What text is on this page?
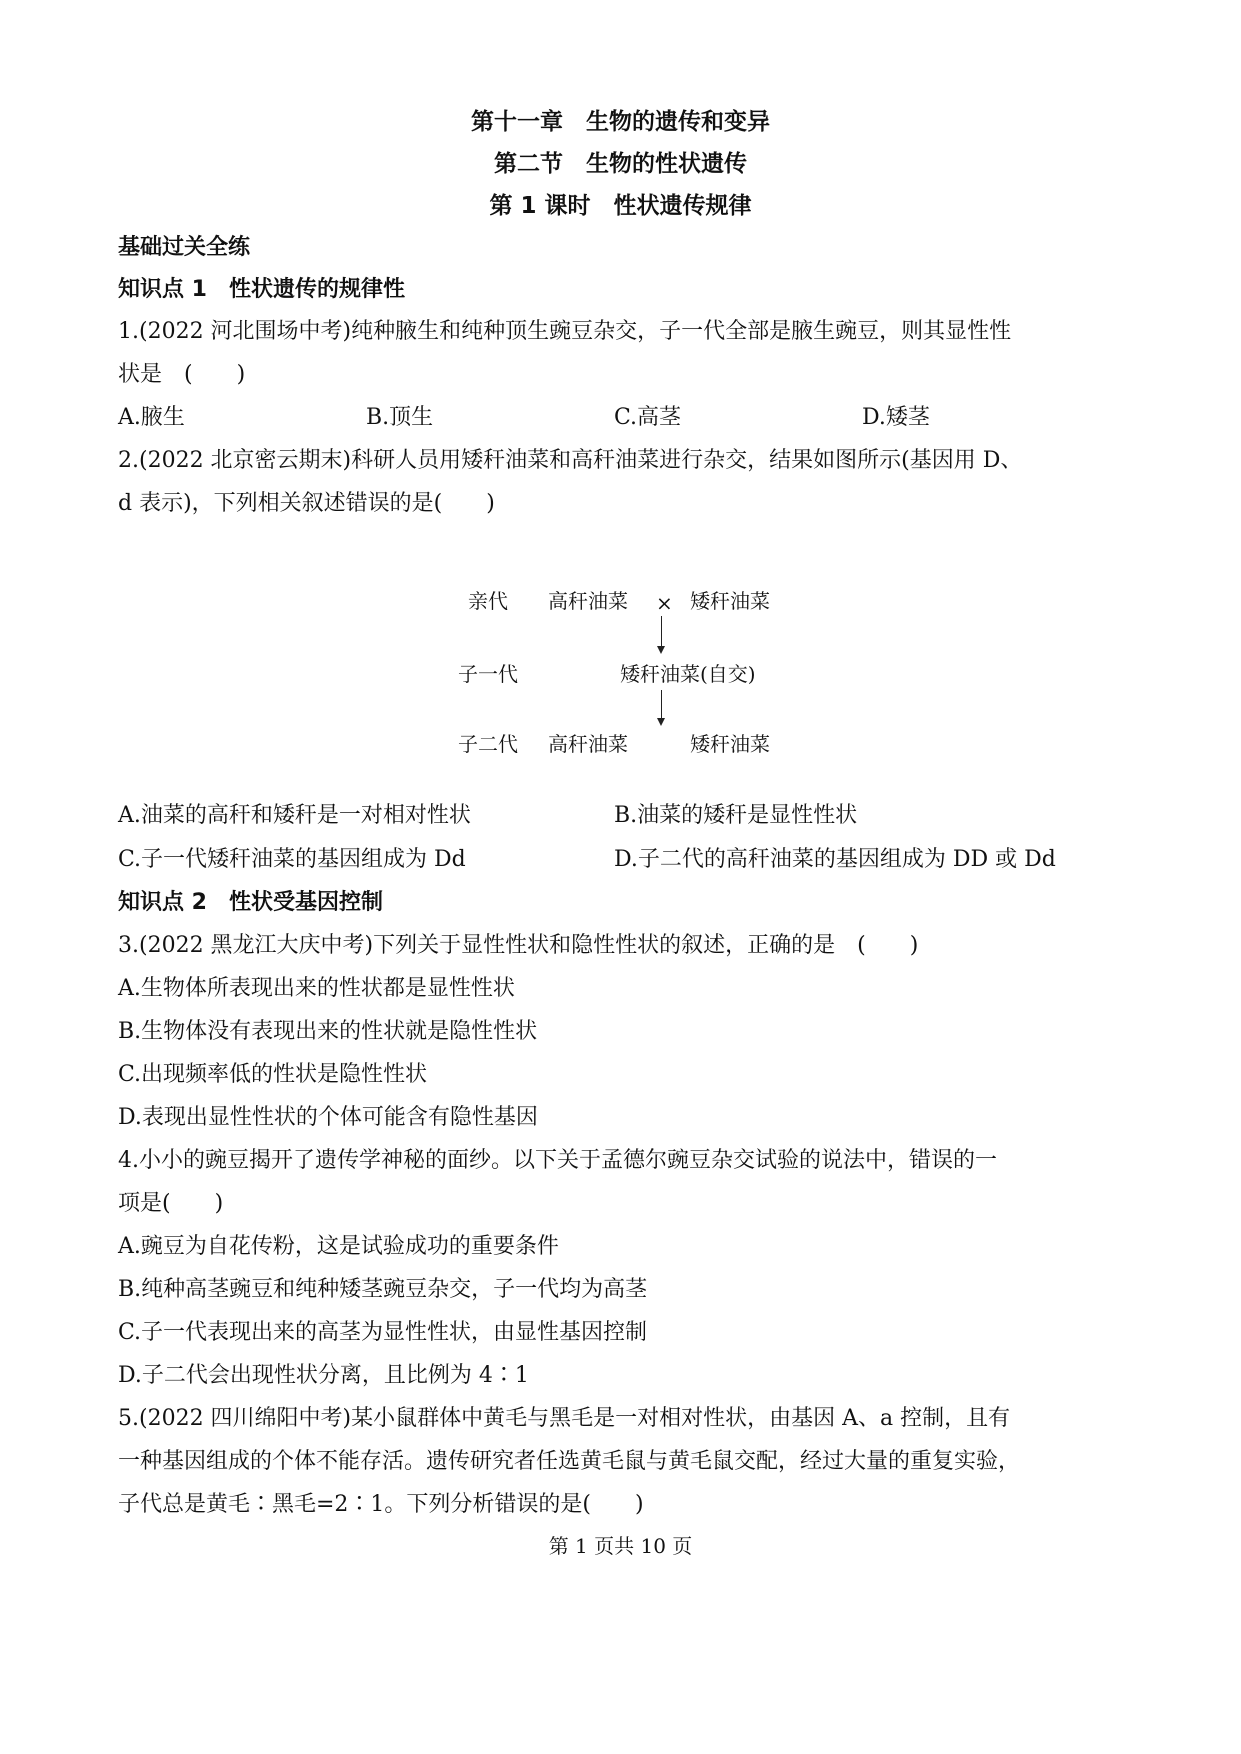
第十一章　生物的遗传和变异
第二节　生物的性状遗传
第 1 课时　性状遗传规律
基础过关全练
知识点 1　性状遗传的规律性
1.(2022 河北围场中考)纯种腋生和纯种顶生豌豆杂交，子一代全部是腋生豌豆，则其显性性
状是　(　　)
A.腋生	B.顶生	C.高茎	D.矮茎
2.(2022 北京密云期末)科研人员用矮秆油菜和高秆油菜进行杂交，结果如图所示(基因用 D、
d 表示)，下列相关叙述错误的是(　　)
亲代 高秆油菜 × 矮秆油菜
子一代	矮秆油菜(自交)
子二代 高秆油菜	矮秆油菜
A.油菜的高秆和矮秆是一对相对性状	B.油菜的矮秆是显性性状
C.子一代矮秆油菜的基因组成为 Dd	D.子二代的高秆油菜的基因组成为 DD 或 Dd
知识点 2　性状受基因控制
3.(2022 黑龙江大庆中考)下列关于显性性状和隐性性状的叙述，正确的是　(　　)
A.生物体所表现出来的性状都是显性性状
B.生物体没有表现出来的性状就是隐性性状
C.出现频率低的性状是隐性性状
D.表现出显性性状的个体可能含有隐性基因
4.小小的豌豆揭开了遗传学神秘的面纱。以下关于孟德尔豌豆杂交试验的说法中，错误的一
项是(　　)
A.豌豆为自花传粉，这是试验成功的重要条件
B.纯种高茎豌豆和纯种矮茎豌豆杂交，子一代均为高茎
C.子一代表现出来的高茎为显性性状，由显性基因控制
D.子二代会出现性状分离，且比例为 4∶1
5.(2022 四川绵阳中考)某小鼠群体中黄毛与黑毛是一对相对性状，由基因 A、a 控制，且有
一种基因组成的个体不能存活。遗传研究者任选黄毛鼠与黄毛鼠交配，经过大量的重复实验，
子代总是黄毛∶黑毛=2∶1。下列分析错误的是(　　)
第 1 页共 10 页
